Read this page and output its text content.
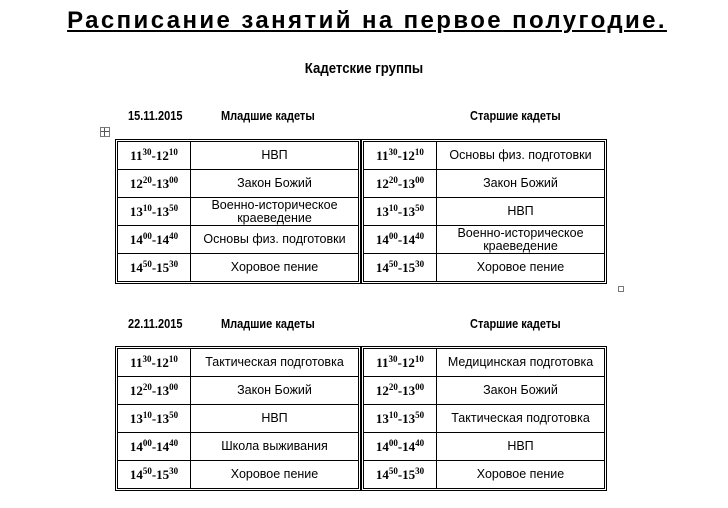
Расписание занятий на первое полугодие.
Кадетские группы
15.11.2015	Младшие кадеты	Старшие кадеты
$11^{30}-12^{10}$	НВП
$12^{20}-13^{00}$	Закон Божий
$13^{10}-13^{50}$	Военно-историческое краеведение
$14^{00}-14^{40}$	Основы физ. подготовки
$14^{50}-15^{30}$	Хоровое пение
$11^{30}-12^{10}$	Основы физ. подготовки
$12^{20}-13^{00}$	Закон Божий
$13^{10}-13^{50}$	НВП
$14^{00}-14^{40}$	Военно-историческое краеведение
$14^{50}-15^{30}$	Хоровое пение
22.11.2015	Младшие кадеты	Старшие кадеты
$11^{30}-12^{10}$	Тактическая подготовка
$12^{20}-13^{00}$	Закон Божий
$13^{10}-13^{50}$	НВП
$14^{00}-14^{40}$	Школа выживания
$14^{50}-15^{30}$	Хоровое пение
$11^{30}-12^{10}$	Медицинская подготовка
$12^{20}-13^{00}$	Закон Божий
$13^{10}-13^{50}$	Тактическая подготовка
$14^{00}-14^{40}$	НВП
$14^{50}-15^{30}$	Хоровое пение
